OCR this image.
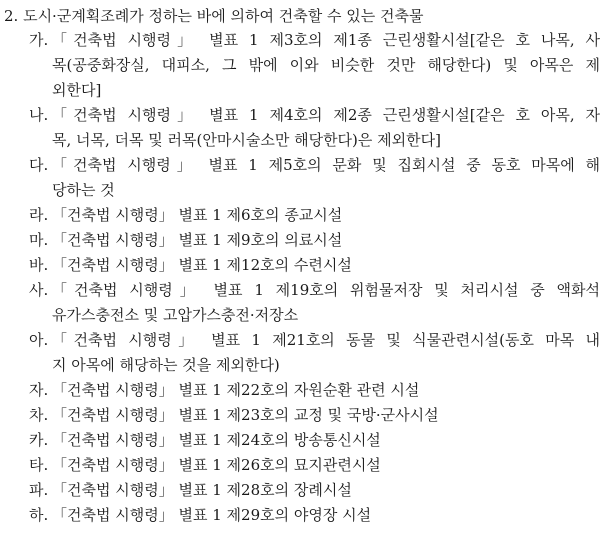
2. 도시·군계획조례가 정하는 바에 의하여 건축할 수 있는 건축물
가. 「건축법 시행령」 별표 1 제3호의 제1종 근린생활시설[같은 호 나목, 사
목(공중화장실, 대피소, 그 밖에 이와 비슷한 것만 해당한다) 및 아목은 제
외한다]
나. 「건축법 시행령」 별표 1 제4호의 제2종 근린생활시설[같은 호 아목, 자
목, 너목, 더목 및 러목(안마시술소만 해당한다)은 제외한다]
다. 「건축법 시행령」 별표 1 제5호의 문화 및 집회시설 중 동호 마목에 해
당하는 것
라. 「건축법 시행령」 별표 1 제6호의 종교시설
마. 「건축법 시행령」 별표 1 제9호의 의료시설
바. 「건축법 시행령」 별표 1 제12호의 수련시설
사. 「건축법 시행령」 별표 1 제19호의 위험물저장 및 처리시설 중 액화석
유가스충전소 및 고압가스충전·저장소
아. 「건축법 시행령」 별표 1 제21호의 동물 및 식물관련시설(동호 마목 내
지 아목에 해당하는 것을 제외한다)
자. 「건축법 시행령」 별표 1 제22호의 자원순환 관련 시설
차. 「건축법 시행령」 별표 1 제23호의 교정 및 국방·군사시설
카. 「건축법 시행령」 별표 1 제24호의 방송통신시설
타. 「건축법 시행령」 별표 1 제26호의 묘지관련시설
파. 「건축법 시행령」 별표 1 제28호의 장례시설
하. 「건축법 시행령」 별표 1 제29호의 야영장 시설
